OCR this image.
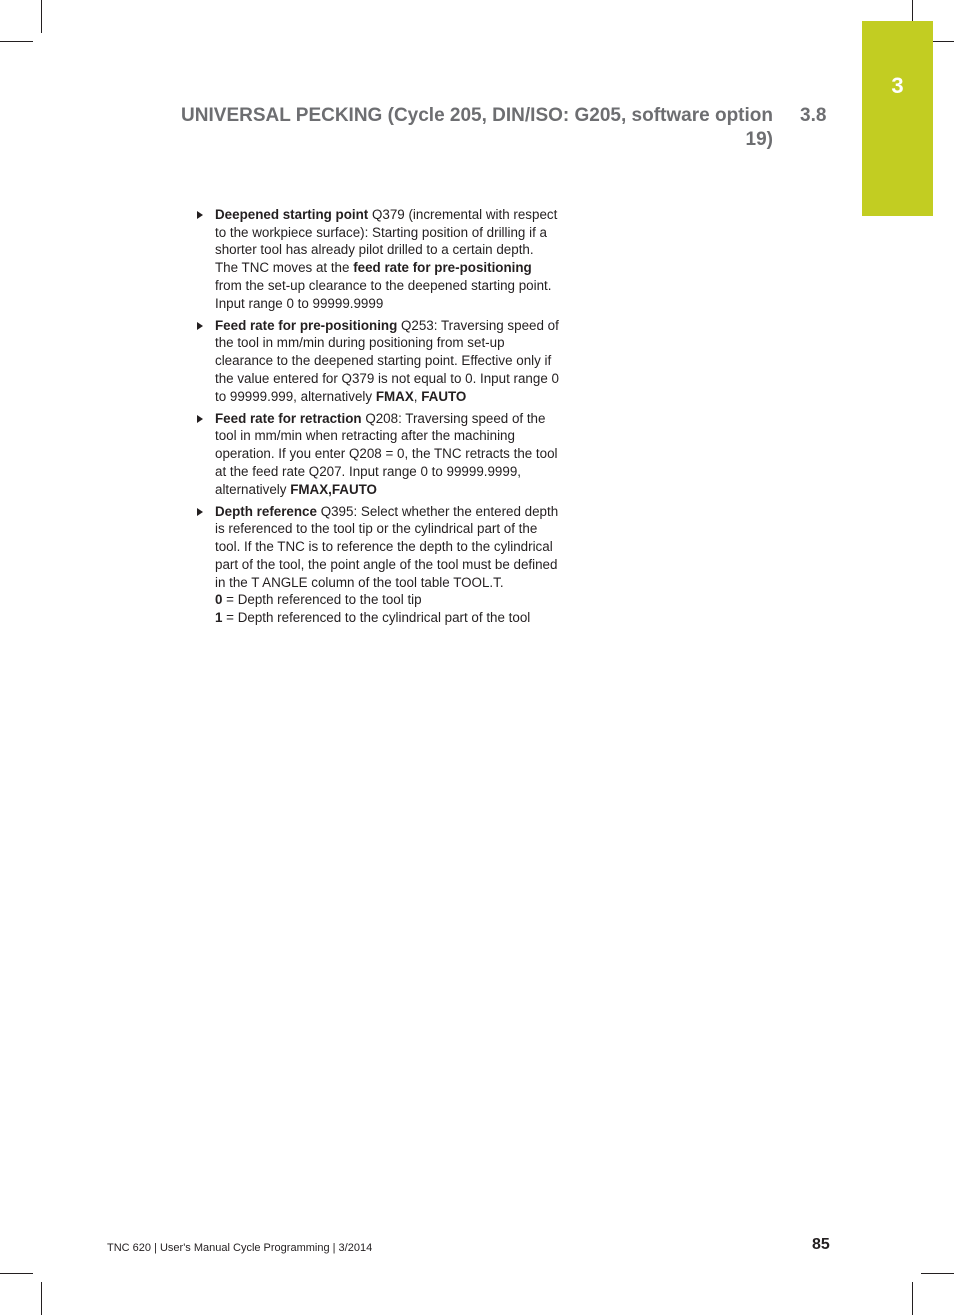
3
UNIVERSAL PECKING (Cycle 205, DIN/ISO: G205, software option
19)
3.8
Deepened starting point Q379 (incremental with respect to the workpiece surface): Starting position of drilling if a shorter tool has already pilot drilled to a certain depth. The TNC moves at the feed rate for pre-positioning from the set-up clearance to the deepened starting point. Input range 0 to 99999.9999
Feed rate for pre-positioning Q253: Traversing speed of the tool in mm/min during positioning from set-up clearance to the deepened starting point. Effective only if the value entered for Q379 is not equal to 0. Input range 0 to 99999.999, alternatively FMAX, FAUTO
Feed rate for retraction Q208: Traversing speed of the tool in mm/min when retracting after the machining operation. If you enter Q208 = 0, the TNC retracts the tool at the feed rate Q207. Input range 0 to 99999.9999, alternatively FMAX,FAUTO
Depth reference Q395: Select whether the entered depth is referenced to the tool tip or the cylindrical part of the tool. If the TNC is to reference the depth to the cylindrical part of the tool, the point angle of the tool must be defined in the T ANGLE column of the tool table TOOL.T.
0 = Depth referenced to the tool tip
1 = Depth referenced to the cylindrical part of the tool
TNC 620 | User's Manual Cycle Programming | 3/2014	85
